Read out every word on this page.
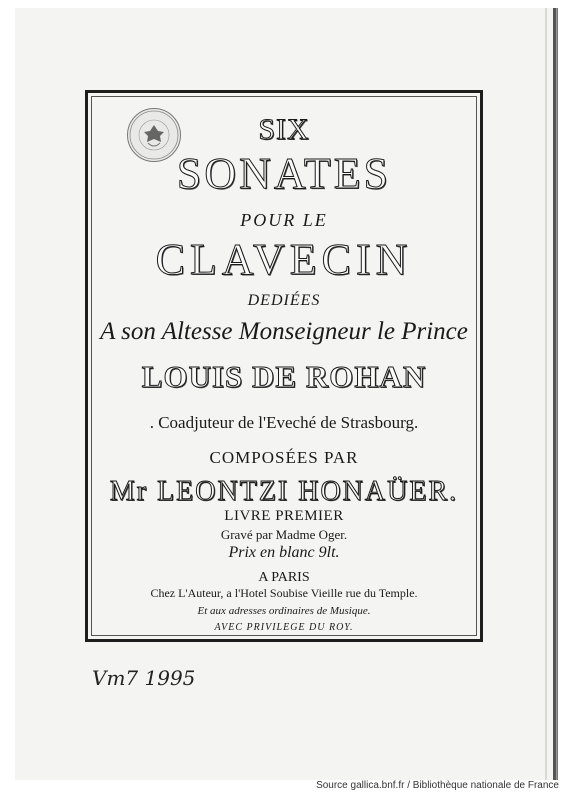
SIX
SONATES
POUR LE
CLAVECIN
DEDIÉES
A son Altesse Monseigneur le Prince
LOUIS DE ROHAN
. Coadjuteur de l'Eveché de Strasbourg.
COMPOSÉES PAR
Mr LEONTZI HONAÜER.
LIVRE PREMIER
Gravé par Madme Oger.
Prix en blanc 9lt.
A PARIS
Chez L'Auteur, a l'Hotel Soubise Vieille rue du Temple.
Et aux adresses ordinaires de Musique.
AVEC PRIVILEGE DU ROY.
Vm7 1995
Source gallica.bnf.fr / Bibliothèque nationale de France
